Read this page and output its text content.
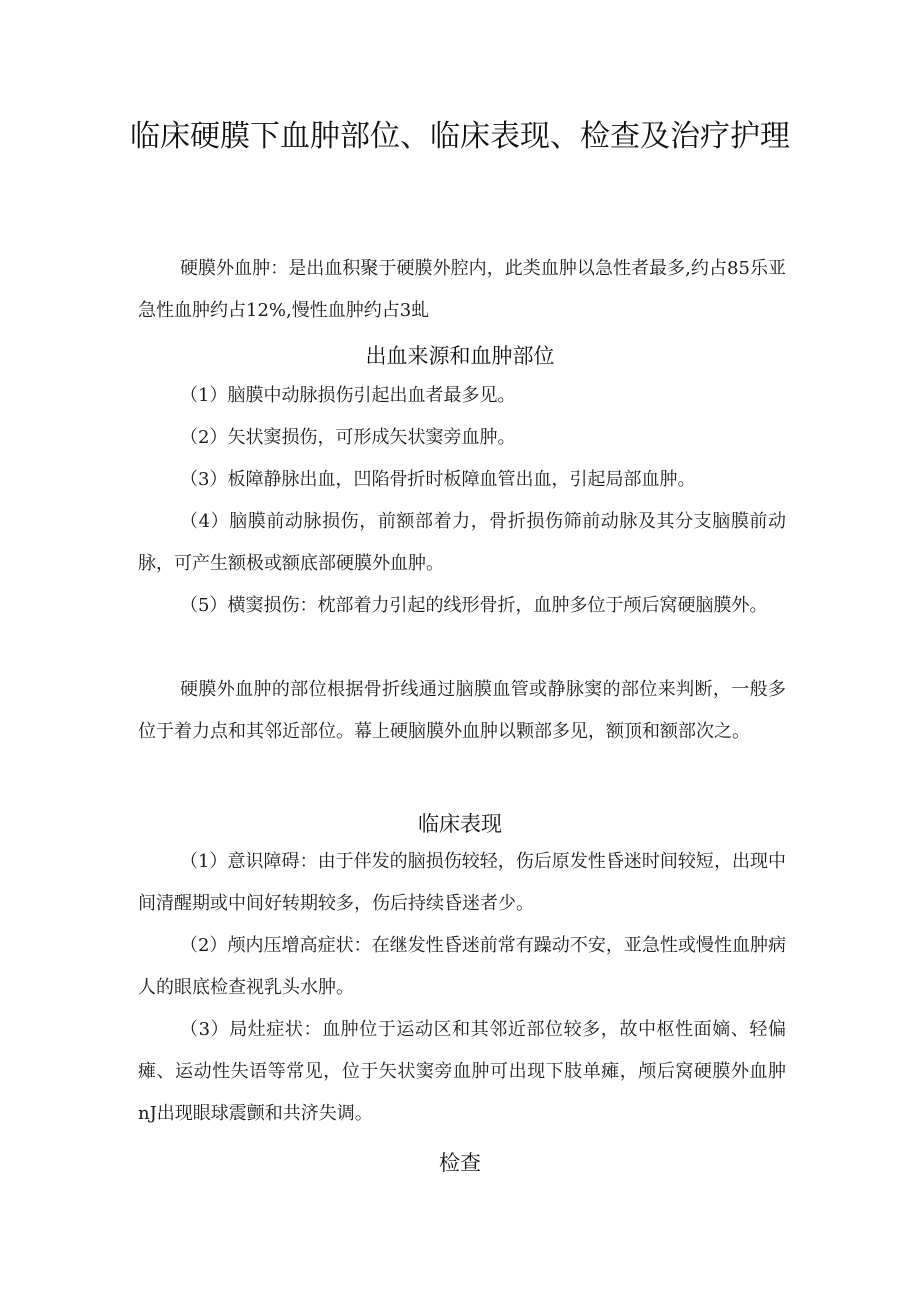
临床硬膜下血肿部位、临床表现、检查及治疗护理

硬膜外血肿：是出血积聚于硬膜外腔内，此类血肿以急性者最多,约占85乐亚急性血肿约占12%,慢性血肿约占3虬

出血来源和血肿部位

（1）脑膜中动脉损伤引起出血者最多见。

（2）矢状窦损伤，可形成矢状窦旁血肿。

（3）板障静脉出血，凹陷骨折时板障血管出血，引起局部血肿。

（4）脑膜前动脉损伤，前额部着力，骨折损伤筛前动脉及其分支脑膜前动脉，可产生额极或额底部硬膜外血肿。

（5）横窦损伤：枕部着力引起的线形骨折，血肿多位于颅后窝硬脑膜外。

硬膜外血肿的部位根据骨折线通过脑膜血管或静脉窦的部位来判断，一般多位于着力点和其邻近部位。幕上硬脑膜外血肿以颗部多见，额顶和额部次之。

临床表现

（1）意识障碍：由于伴发的脑损伤较轻，伤后原发性昏迷时间较短，出现中间清醒期或中间好转期较多，伤后持续昏迷者少。

（2）颅内压增高症状：在继发性昏迷前常有躁动不安，亚急性或慢性血肿病人的眼底检查视乳头水肿。

（3）局灶症状：血肿位于运动区和其邻近部位较多，故中枢性面嫡、轻偏瘫、运动性失语等常见，位于矢状窦旁血肿可出现下肢单瘫，颅后窝硬膜外血肿nJ出现眼球震颤和共济失调。

检查
